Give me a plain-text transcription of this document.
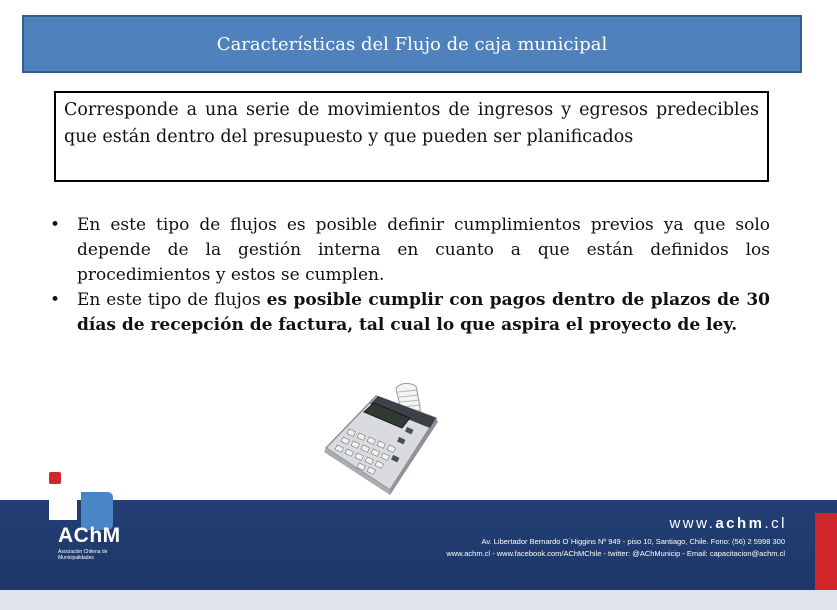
Características del Flujo de caja municipal
Corresponde a una serie de movimientos de ingresos y egresos predecibles que están dentro del presupuesto y que pueden ser planificados
• En este tipo de flujos es posible definir cumplimientos previos ya que solo depende de la gestión interna en cuanto a que están definidos los procedimientos y estos se cumplen.
• En este tipo de flujos es posible cumplir con pagos dentro de plazos de 30 días de recepción de factura, tal cual lo que aspira el proyecto de ley.
AChM
Asociación Chilena de Municipalidades
www.achm.cl
Av. Libertador Bernardo O´Higgins Nº 949 - piso 10, Santiago, Chile. Fono: (56) 2 5998 300
www.achm.cl - www.facebook.com/AChMChile - twitter: @AChMunicip - Email: capacitacion@achm.cl
